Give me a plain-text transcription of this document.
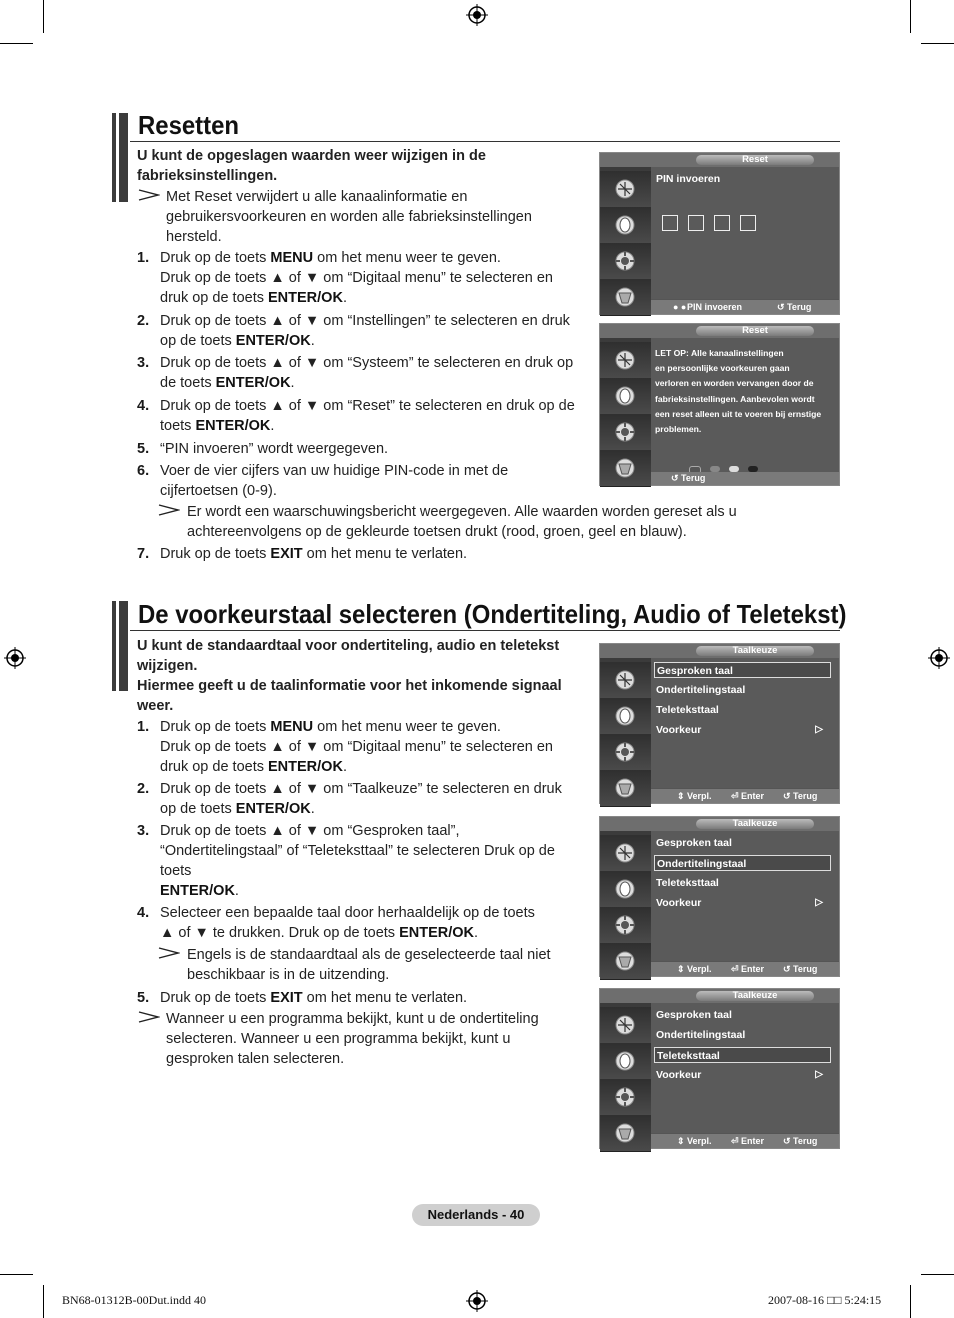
Resetten
U kunt de opgeslagen waarden weer wijzigen in de fabrieksinstellingen.
Met Reset verwijdert u alle kanaalinformatie en gebruikersvoorkeuren en worden alle fabrieksinstellingen hersteld.
1. Druk op de toets MENU om het menu weer te geven.
Druk op de toets ▲ of ▼ om “Digitaal menu” te selecteren en
druk op de toets ENTER/OK.
2. Druk op de toets ▲ of ▼ om “Instellingen” te selecteren en druk
op de toets ENTER/OK.
3. Druk op de toets ▲ of ▼ om “Systeem” te selecteren en druk op
de toets ENTER/OK.
4. Druk op de toets ▲ of ▼ om “Reset” te selecteren en druk op de
toets ENTER/OK.
5. “PIN invoeren” wordt weergegeven.
6. Voer de vier cijfers van uw huidige PIN-code in met de
cijfertoetsen (0-9).
Er wordt een waarschuwingsbericht weergegeven. Alle waarden worden gereset als u
achtereenvolgens op de gekleurde toetsen drukt (rood, groen, geel en blauw).
7. Druk op de toets EXIT om het menu te verlaten.
Reset
PIN invoeren
● ● PIN invoeren	↺ Terug
Reset
LET OP: Alle kanaalinstellingen
en persoonlijke voorkeuren gaan
verloren en worden vervangen door de
fabrieksinstellingen. Aanbevolen wordt
een reset alleen uit te voeren bij ernstige
problemen.
↺ Terug
De voorkeurstaal selecteren (Ondertiteling, Audio of Teletekst)
U kunt de standaardtaal voor ondertiteling, audio en teletekst
wijzigen.
Hiermee geeft u de taalinformatie voor het inkomende signaal
weer.
1. Druk op de toets MENU om het menu weer te geven.
Druk op de toets ▲ of ▼ om “Digitaal menu” te selecteren en
druk op de toets ENTER/OK.
2. Druk op de toets ▲ of ▼ om “Taalkeuze” te selecteren en druk
op de toets ENTER/OK.
3. Druk op de toets ▲ of ▼ om “Gesproken taal”,
“Ondertitelingstaal” of “Teleteksttaal” te selecteren Druk op de
toets
ENTER/OK.
4. Selecteer een bepaalde taal door herhaaldelijk op de toets
▲ of ▼ te drukken. Druk op de toets ENTER/OK.
Engels is de standaardtaal als de geselecteerde taal niet
beschikbaar is in de uitzending.
5. Druk op de toets EXIT om het menu te verlaten.
Wanneer u een programma bekijkt, kunt u de ondertiteling
selecteren. Wanneer u een programma bekijkt, kunt u
gesproken talen selecteren.
Taalkeuze
Gesproken taal
Ondertitelingstaal
Teleteksttaal
Voorkeur	▷
⇕ Verpl. ⏎ Enter ↺ Terug
Taalkeuze
Gesproken taal
Ondertitelingstaal
Teleteksttaal
Voorkeur	▷
⇕ Verpl. ⏎ Enter ↺ Terug
Taalkeuze
Gesproken taal
Ondertitelingstaal
Teleteksttaal
Voorkeur	▷
⇕ Verpl. ⏎ Enter ↺ Terug
Nederlands - 40
BN68-01312B-00Dut.indd 40	2007-08-16 □□ 5:24:15
